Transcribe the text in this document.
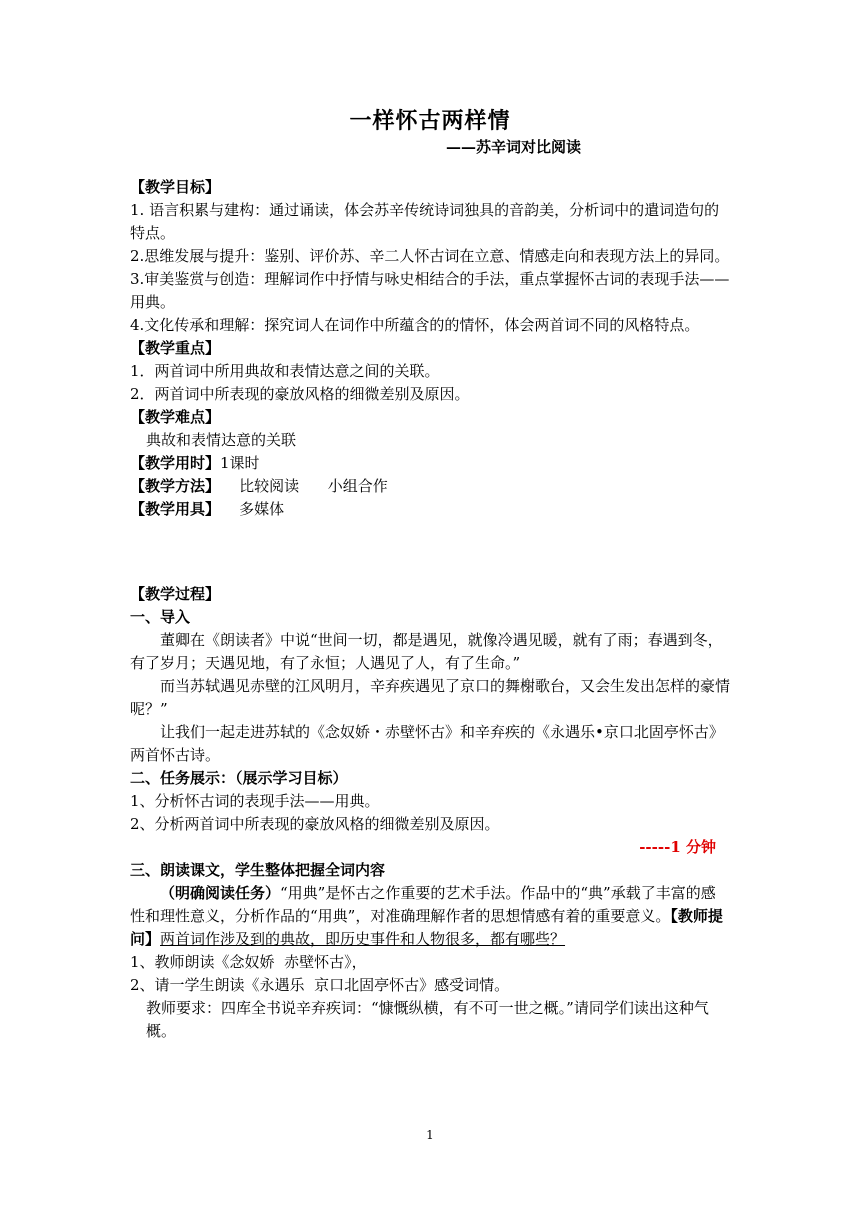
一样怀古两样情
——苏辛词对比阅读

【教学目标】

1. 语言积累与建构：通过诵读，体会苏辛传统诗词独具的音韵美，分析词中的遣词造句的特点。

2.思维发展与提升：鉴别、评价苏、辛二人怀古词在立意、情感走向和表现方法上的异同。

3.审美鉴赏与创造：理解词作中抒情与咏史相结合的手法，重点掌握怀古词的表现手法——用典。

4.文化传承和理解：探究词人在词作中所蕴含的的情怀，体会两首词不同的风格特点。

【教学重点】

1．两首词中所用典故和表情达意之间的关联。

2．两首词中所表现的豪放风格的细微差别及原因。

【教学难点】

典故和表情达意的关联

【教学用时】1课时

【教学方法】 比较阅读      小组合作

【教学用具】 多媒体

【教学过程】

一、导入

董卿在《朗读者》中说“世间一切，都是遇见，就像冷遇见暖，就有了雨；春遇到冬，有了岁月；天遇见地，有了永恒；人遇见了人，有了生命。”

而当苏轼遇见赤壁的江风明月，辛弃疾遇见了京口的舞榭歌台，又会生发出怎样的豪情呢？”

让我们一起走进苏轼的《念奴娇・赤壁怀古》和辛弃疾的《永遇乐•京口北固亭怀古》两首怀古诗。

二、任务展示：（展示学习目标）

1、分析怀古词的表现手法——用典。

2、分析两首词中所表现的豪放风格的细微差别及原因。

-----1 分钟

三、朗读课文，学生整体把握全词内容

（明确阅读任务）“用典”是怀古之作重要的艺术手法。作品中的“典”承载了丰富的感性和理性意义，分析作品的“用典”，对准确理解作者的思想情感有着的重要意义。【教师提问】两首词作涉及到的典故，即历史事件和人物很多，都有哪些？

1、教师朗读《念奴娇  赤壁怀古》，

2、请一学生朗读《永遇乐  京口北固亭怀古》感受词情。

教师要求：四库全书说辛弃疾词：“慷慨纵横，有不可一世之概。”请同学们读出这种气概。

1
